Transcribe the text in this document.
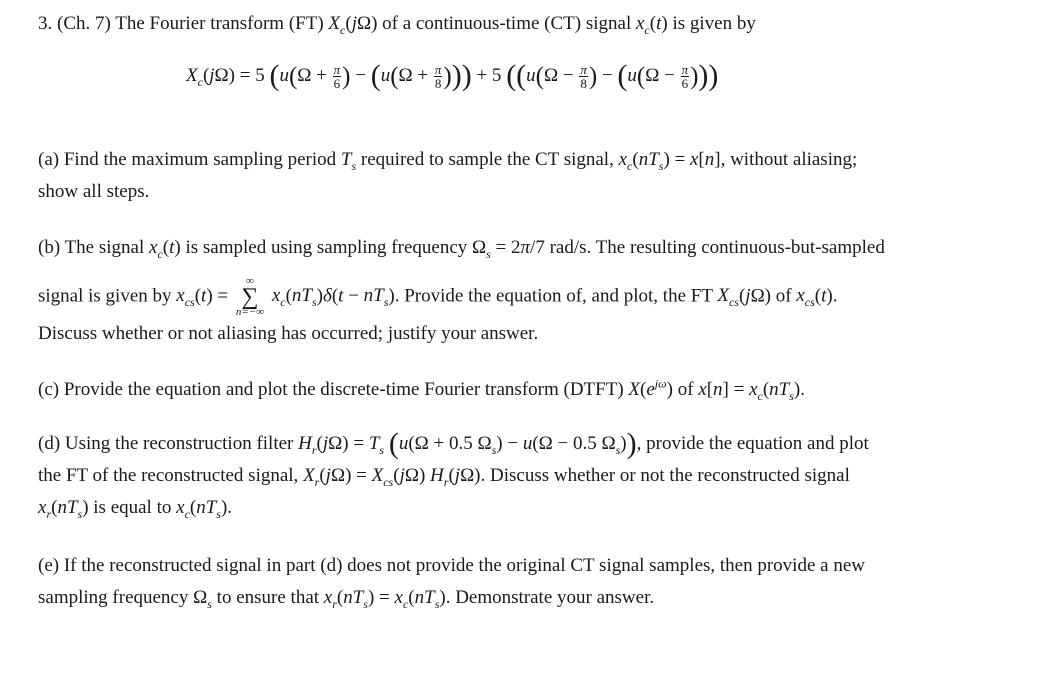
3. (Ch. 7) The Fourier transform (FT) $X_c(j\Omega)$ of a continuous-time (CT) signal $x_c(t)$ is given by
$X_c(j\Omega) = 5$ ($u(\Omega + \frac{\pi}{6}$ ) − ($u(\Omega + \frac{\pi}{8}$ ))) + 5 (($u(\Omega - \frac{\pi}{8}$ ) − ($u(\Omega - \frac{\pi}{6}$ )))
(a) Find the maximum sampling period $T_s$ required to sample the CT signal, $x_c(nT_s) = x[n]$, without aliasing;
show all steps.
(b) The signal $x_c(t)$ is sampled using sampling frequency $\Omega_s = 2\pi/7$ rad/s. The resulting continuous-but-sampled
signal is given by $x_{cs}(t)$ =
∞
∑
n=−∞
$x_c(nT_s)\delta(t - nT_s)$. Provide the equation of, and plot, the FT $X_{cs}(j\Omega)$ of $x_{cs}(t)$.
Discuss whether or not aliasing has occurred; justify your answer.
(c) Provide the equation and plot the discrete-time Fourier transform (DTFT) $X(e^{j\omega})$ of $x[n] = x_c(nT_s)$.
(d) Using the reconstruction filter $H_r(j\Omega) = T_s$ (u(Ω + 0.5 $\Omega_s) - u(\Omega - 0.5$ $\Omega_s$)), provide the equation and plot
the FT of the reconstructed signal, $X_r(j\Omega) = X_{cs}(j\Omega)$ $H_r(j\Omega)$. Discuss whether or not the reconstructed signal
$x_r(nT_s)$ is equal to $x_c(nT_s)$.
(e) If the reconstructed signal in part (d) does not provide the original CT signal samples, then provide a new
sampling frequency $\Omega_s$ to ensure that $x_r(nT_s) = x_c(nT_s)$. Demonstrate your answer.
